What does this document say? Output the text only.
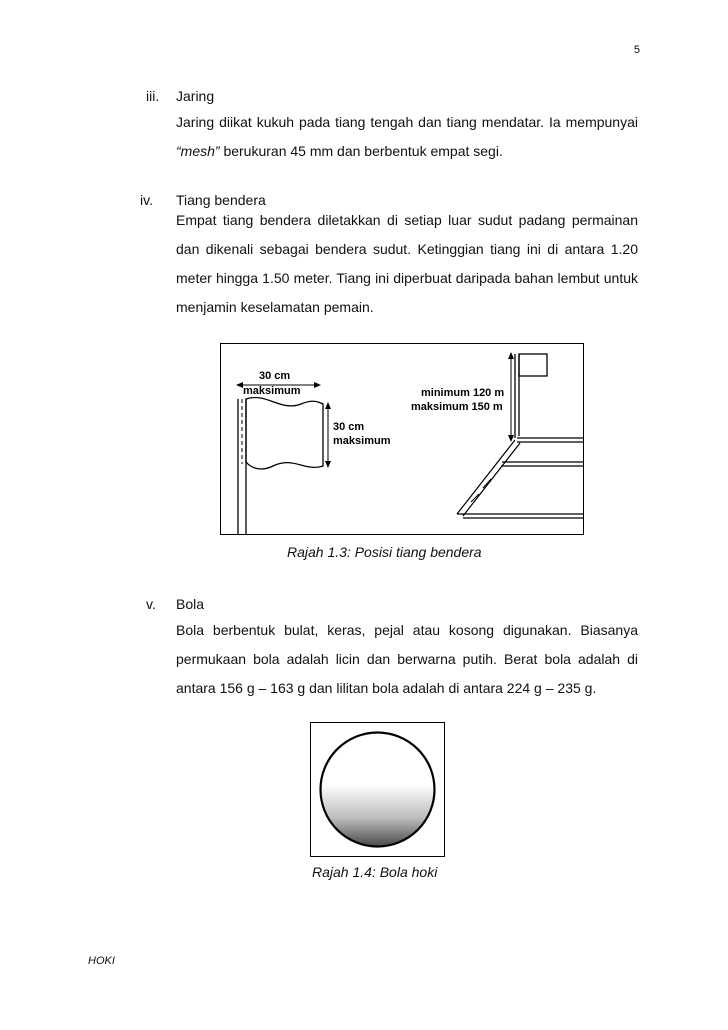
5
iii. Jaring
Jaring diikat kukuh pada tiang tengah dan tiang mendatar. Ia mempunyai “mesh” berukuran 45 mm dan berbentuk empat segi.
iv. Tiang bendera
Empat tiang bendera diletakkan di setiap luar sudut padang permainan dan dikenali sebagai bendera sudut. Ketinggian tiang ini di antara 1.20 meter hingga 1.50 meter. Tiang ini diperbuat daripada bahan lembut untuk menjamin keselamatan pemain.
30 cm
maksimum
30 cm
maksimum
minimum 120 m
maksimum 150 m
Rajah 1.3: Posisi tiang bendera
v. Bola
Bola berbentuk bulat, keras, pejal atau kosong digunakan. Biasanya permukaan bola adalah licin dan berwarna putih. Berat bola adalah di antara 156 g – 163 g dan lilitan bola adalah di antara 224 g – 235 g.
Rajah 1.4: Bola hoki
HOKI
